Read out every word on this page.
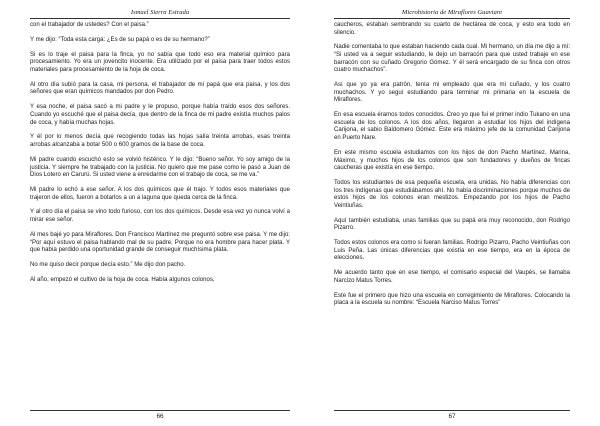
Ismael Sierra Estrada

con el trabajador de ustedes? Con el paisa.”

Y me dijo: “Toda esta carga: ¿Es de su papá o es de su hermano?”

Si es lo traje el paisa para la finca, yo no sabía que todo eso era material químico para procesamiento. Yo era un jovencito inocente. Era utilizado por el paisa para traer todos estos materiales para procesamiento de la hoja de coca.

Al otro día subió para la casa, mi persona, el trabajador de mi papá que era paisa, y los dos señores que eran químicos mandados por don Pedro.

Y esa noche, el paisa sacó a mi padre y le propuso, porque había traído esos dos señores. Cuando yo escuché que el paisa decía, que dentro de la finca de mi padre existía muchos palos de coca, y había muchas hojas.

Y él por lo menos decía que recogiendo todas las hojas salía treinta arrobas, esas treinta arrobas alcanzaba a botar 500 o 600 gramos de la base de coca.

Mi padre cuando escuchó esto se volvió histérico. Y le dijo: “Bueno señor. Yo soy amigo de la justicia. Y siempre he trabajado con la justicia. No quiero que me pase como le pasó a Juan de Dios Lotero en Carurú. Si usted viene a enredarme con el trabajo de coca, se me va.”

Mi padre lo echó a ese señor. A los dos químicos que él trajo. Y todos esos materiales que trajeron de ellos, fueron a botarlos a un a laguna que queda cerca de la finca.

Y al otro día el paisa se vino todo furioso, con los dos químicos. Desde esa vez yo nunca volví a mirar ese señor.

Al mes bajé yo para Miraflores. Don Francisco Martínez me preguntó sobre ese paisa. Y me dijo: “Por aquí estuvo el paisa hablando mal de su padre. Porque no era hombre para hacer plata. Y que había perdido una oportunidad grande de conseguir muchísima plata.

No me quiso decir porque decía esto.” Me dijo don pacho.

Al año, empezó el cultivo de la hoja de coca. Había algunos colonos,

66
Microhistoria de Miraflores Guaviare

caucheros, estaban sembrando su cuarto de hectárea de coca, y esto era todo en silencio.

Nadie comentaba lo que estaban haciendo cada cual. Mi hermano, un día me dijo a mí: “Si usted va a seguir estudiando, le dejo un barracón para que usted trabaje en ese barracón con su cuñado Gregorio Gómez. Y él será encargado de su finca con otros cuatro muchachos”.

Así que yo ya era patrón, tenía mi empleado que era mi cuñado, y los cuatro muchachos. Y yo seguí estudiando para terminar mi primaria en la escuela de Miraflores.

En esa escuela éramos todos conocidos. Creo yo que fui el primer indio Tukano en una escuela de los colonos. A los dos años, llegaron a estudiar los hijos del indígena Carijona, el sabio Baldomero Gómez. Este era máximo jefe de la comunidad Carijona en Puerto Nare.

En este mismo escuela estudiamos con los hijos de don Pacho Martínez. Marina, Máximo, y muchos hijos de los colonos que son fundadores y dueños de fincas caucheras que existía en ese tiempo.

Todos los estudiantes de esa pequeña escuela, era unidas. No había diferencias con los tres indígenas que estudiábamos ahí. No había discriminaciones porque muchos de estos hijos de los colonos eran mestizos. Empezando por los hijos de Pacho Veintiuñas.

Aquí también estudiaba, unas familias que su papá era muy reconocido, don Rodrigo Pizarro.

Todos estos colonos era como si fueran familias. Rodrigo Pizarro, Pacho Veintiuñas con Luis Peña. Las únicas diferencias que existía en ese tiempo, era en la época de elecciones.

Me acuerdo tanto que en ese tiempo, el comisario especial del Vaupés, se llamaba Narcizo Matus Torres.

Este fue el primero que hizo una escuela en corregimiento de Miraflores. Colocando la placa a la escuela su nombre: “Escuela Narciso Matus Torres”

67
